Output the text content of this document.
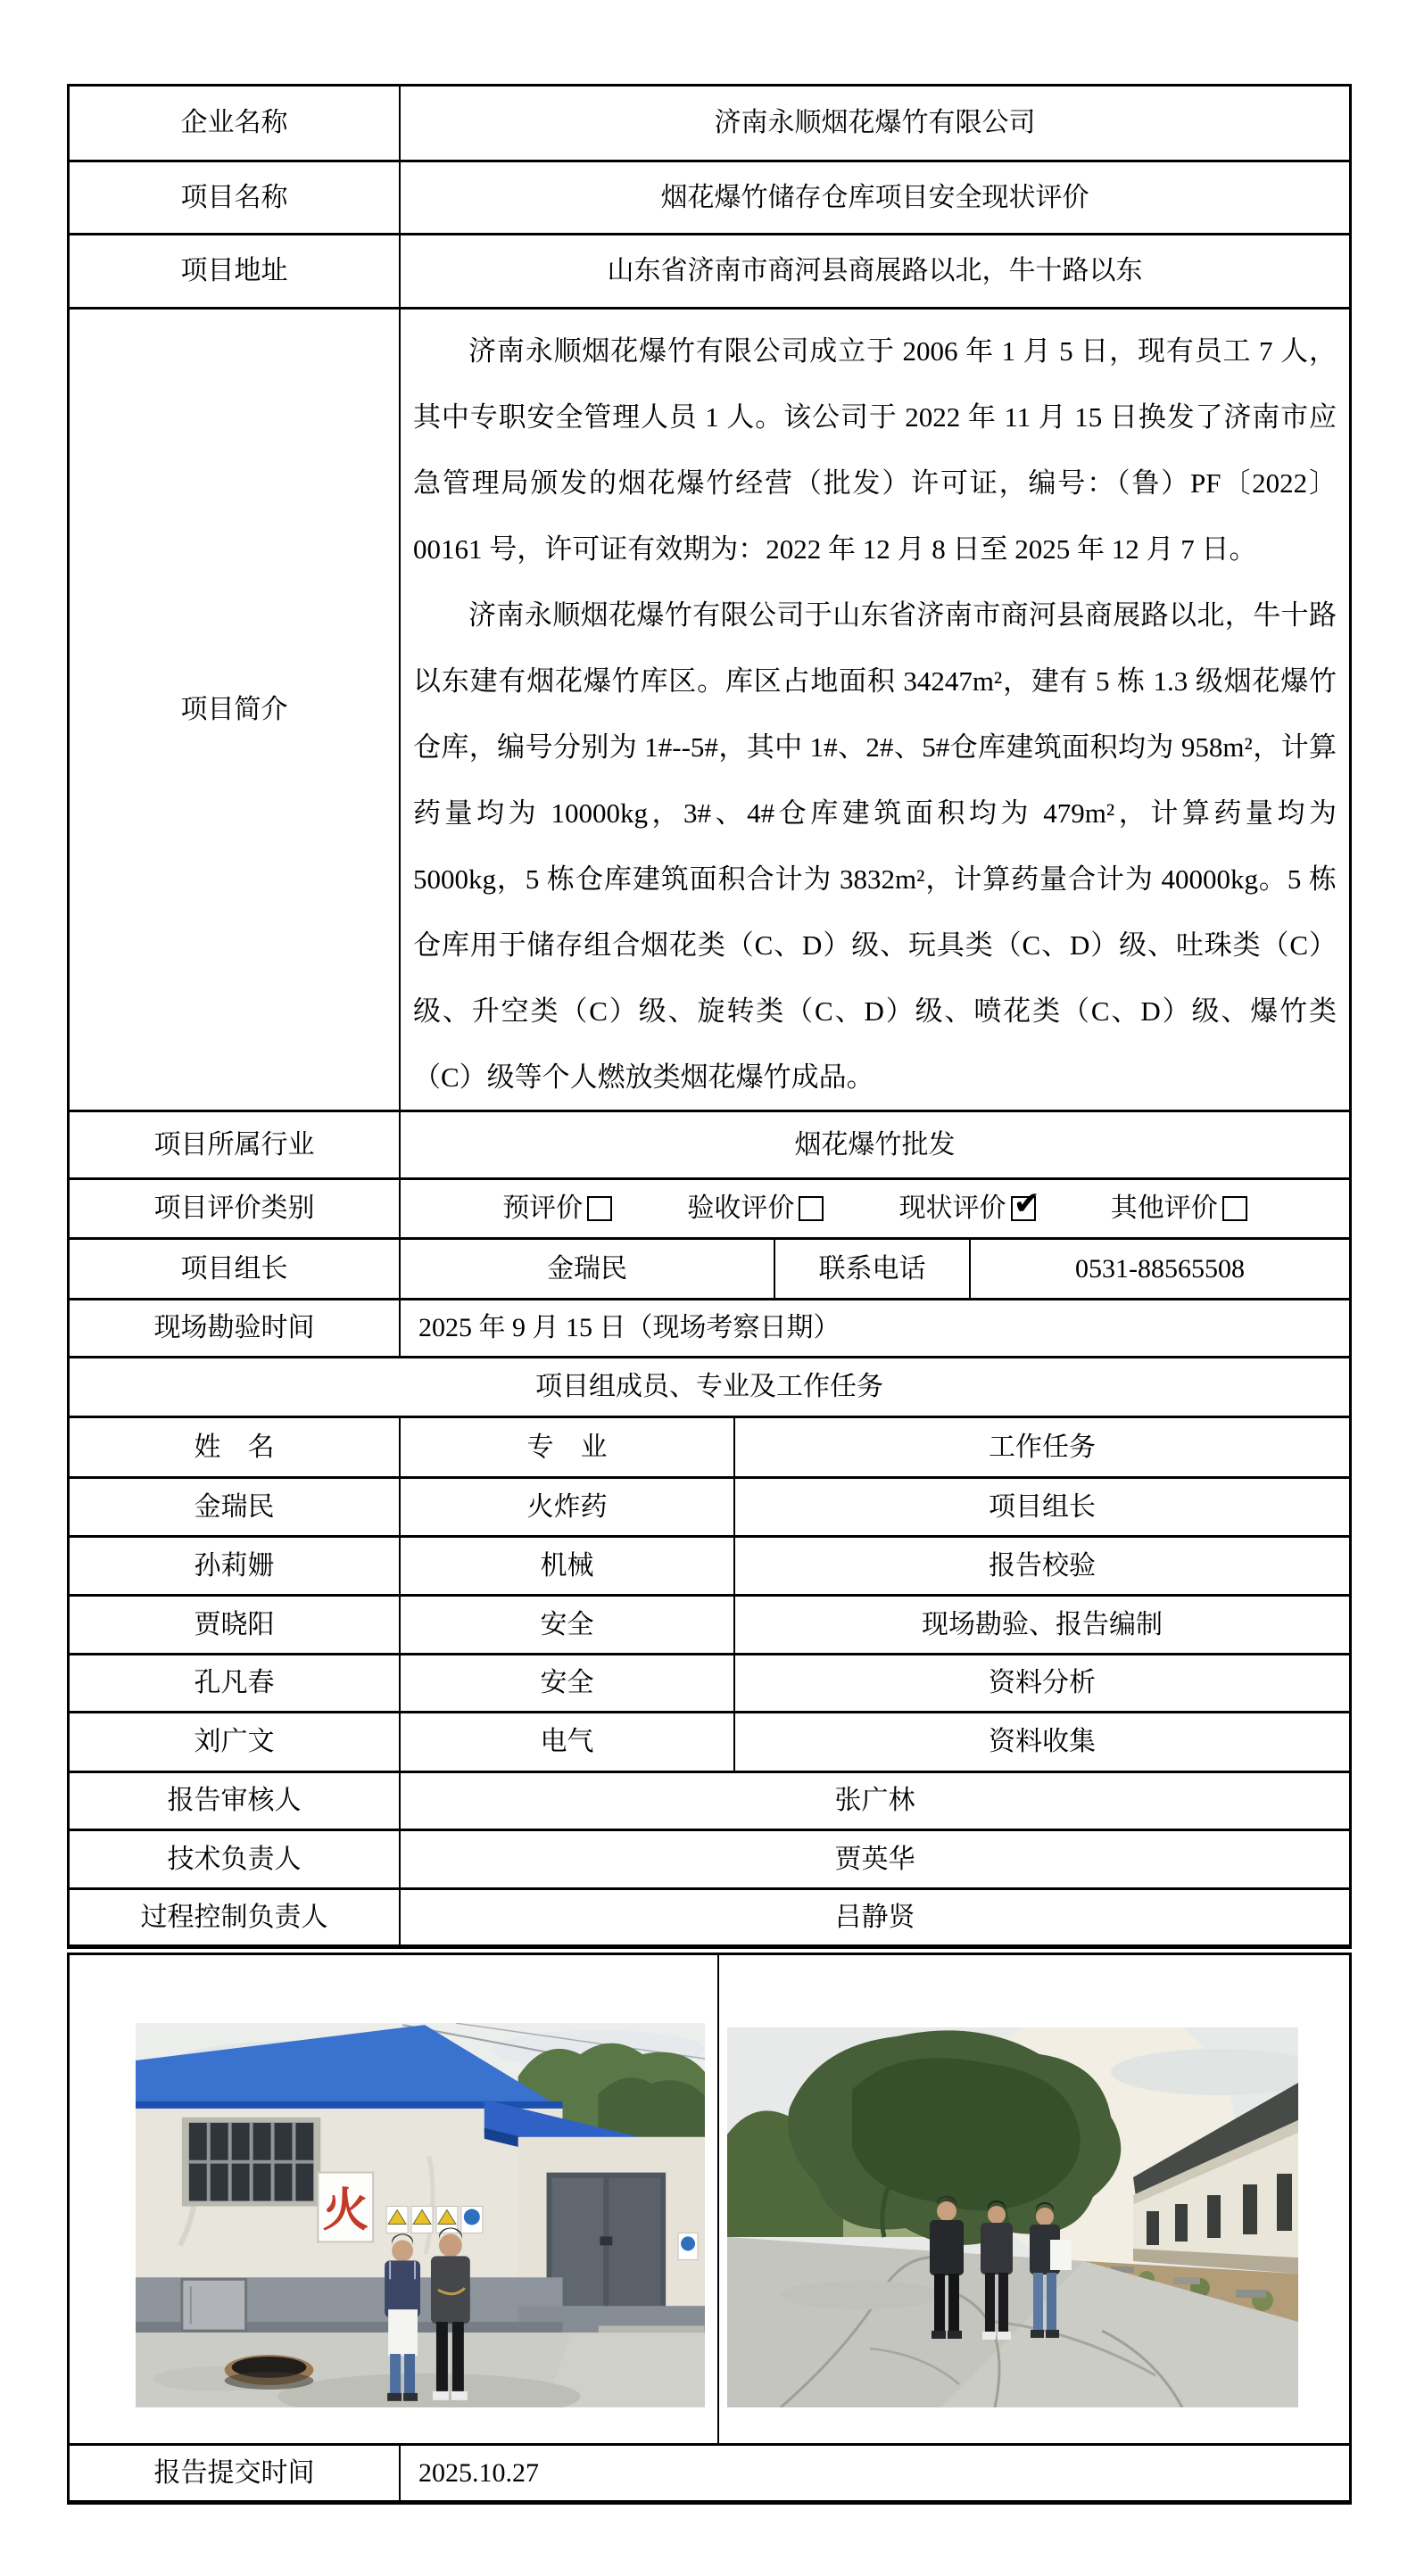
企业名称	济南永顺烟花爆竹有限公司
项目名称	烟花爆竹储存仓库项目安全现状评价
项目地址	山东省济南市商河县商展路以北，牛十路以东
项目简介

济南永顺烟花爆竹有限公司成立于 2006 年 1 月 5 日，现有员工 7 人，其中专职安全管理人员 1 人。该公司于 2022 年 11 月 15 日换发了济南市应急管理局颁发的烟花爆竹经营（批发）许可证，编号：（鲁）PF〔2022〕00161 号，许可证有效期为：2022 年 12 月 8 日至 2025 年 12 月 7 日。

济南永顺烟花爆竹有限公司于山东省济南市商河县商展路以北，牛十路以东建有烟花爆竹库区。库区占地面积 34247m²，建有 5 栋 1.3 级烟花爆竹仓库，编号分别为 1#--5#，其中 1#、2#、5#仓库建筑面积均为 958m²，计算药量均为 10000kg，3#、4#仓库建筑面积均为 479m²，计算药量均为 5000kg，5 栋仓库建筑面积合计为 3832m²，计算药量合计为 40000kg。5 栋仓库用于储存组合烟花类（C、D）级、玩具类（C、D）级、吐珠类（C）级、升空类（C）级、旋转类（C、D）级、喷花类（C、D）级、爆竹类（C）级等个人燃放类烟花爆竹成品。

项目所属行业	烟花爆竹批发
项目评价类别	预评价	验收评价	现状评价 ✔	其他评价
项目组长	金瑞民	联系电话	0531-88565508
现场勘验时间	2025 年 9 月 15 日（现场考察日期）
项目组成员、专业及工作任务
姓　名	专　业	工作任务
金瑞民	火炸药	项目组长
孙莉姗	机械	报告校验
贾晓阳	安全	现场勘验、报告编制
孔凡春	安全	资料分析
刘广文	电气	资料收集
报告审核人	张广林
技术负责人	贾英华
过程控制负责人	吕静贤
火
报告提交时间	2025.10.27
